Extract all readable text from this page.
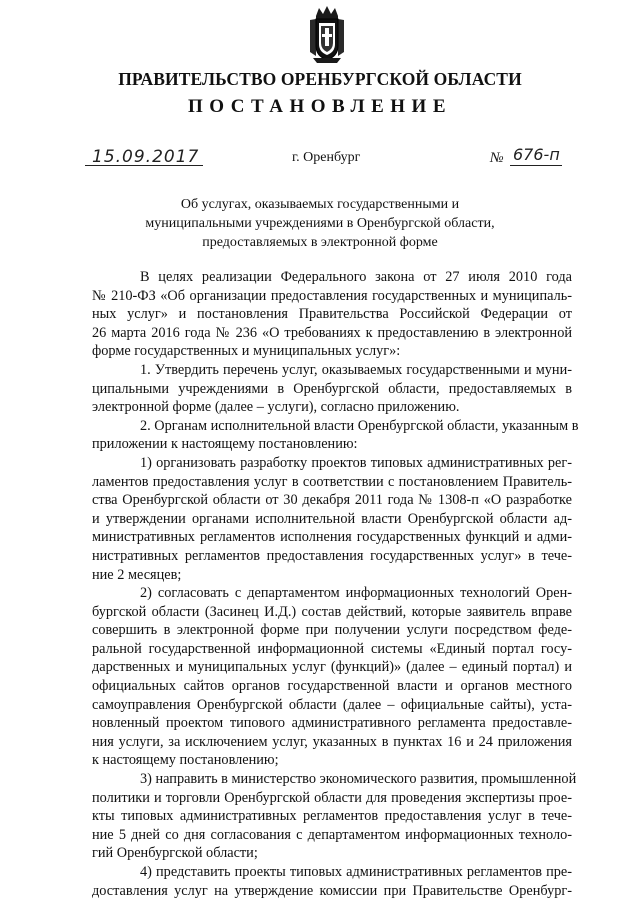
ПРАВИТЕЛЬСТВО ОРЕНБУРГСКОЙ ОБЛАСТИ
ПОСТАНОВЛЕНИЕ
15.09.2017	г. Оренбург	№ 676-п
Об услугах, оказываемых государственными и
муниципальными учреждениями в Оренбургской области,
предоставляемых в электронной форме

В целях реализации Федерального закона от 27 июля 2010 года
№ 210-ФЗ «Об организации предоставления государственных и муниципаль-
ных услуг» и постановления Правительства Российской Федерации от
26 марта 2016 года № 236 «О требованиях к предоставлению в электронной
форме государственных и муниципальных услуг»:

1. Утвердить перечень услуг, оказываемых государственными и муни-
ципальными учреждениями в Оренбургской области, предоставляемых в
электронной форме (далее – услуги), согласно приложению.

2. Органам исполнительной власти Оренбургской области, указанным в
приложении к настоящему постановлению:

1) организовать разработку проектов типовых административных рег-
ламентов предоставления услуг в соответствии с постановлением Правитель-
ства Оренбургской области от 30 декабря 2011 года № 1308-п «О разработке
и утверждении органами исполнительной власти Оренбургской области ад-
министративных регламентов исполнения государственных функций и адми-
нистративных регламентов предоставления государственных услуг» в тече-
ние 2 месяцев;

2) согласовать с департаментом информационных технологий Орен-
бургской области (Засинец И.Д.) состав действий, которые заявитель вправе
совершить в электронной форме при получении услуги посредством феде-
ральной государственной информационной системы «Единый портал госу-
дарственных и муниципальных услуг (функций)» (далее – единый портал) и
официальных сайтов органов государственной власти и органов местного
самоуправления Оренбургской области (далее – официальные сайты), уста-
новленный проектом типового административного регламента предоставле-
ния услуги, за исключением услуг, указанных в пунктах 16 и 24 приложения
к настоящему постановлению;

3) направить в министерство экономического развития, промышленной
политики и торговли Оренбургской области для проведения экспертизы прое-
кты типовых административных регламентов предоставления услуг в тече-
ние 5 дней со дня согласования с департаментом информационных техноло-
гий Оренбургской области;

4) представить проекты типовых административных регламентов пре-
доставления услуг на утверждение комиссии при Правительстве Оренбург-
